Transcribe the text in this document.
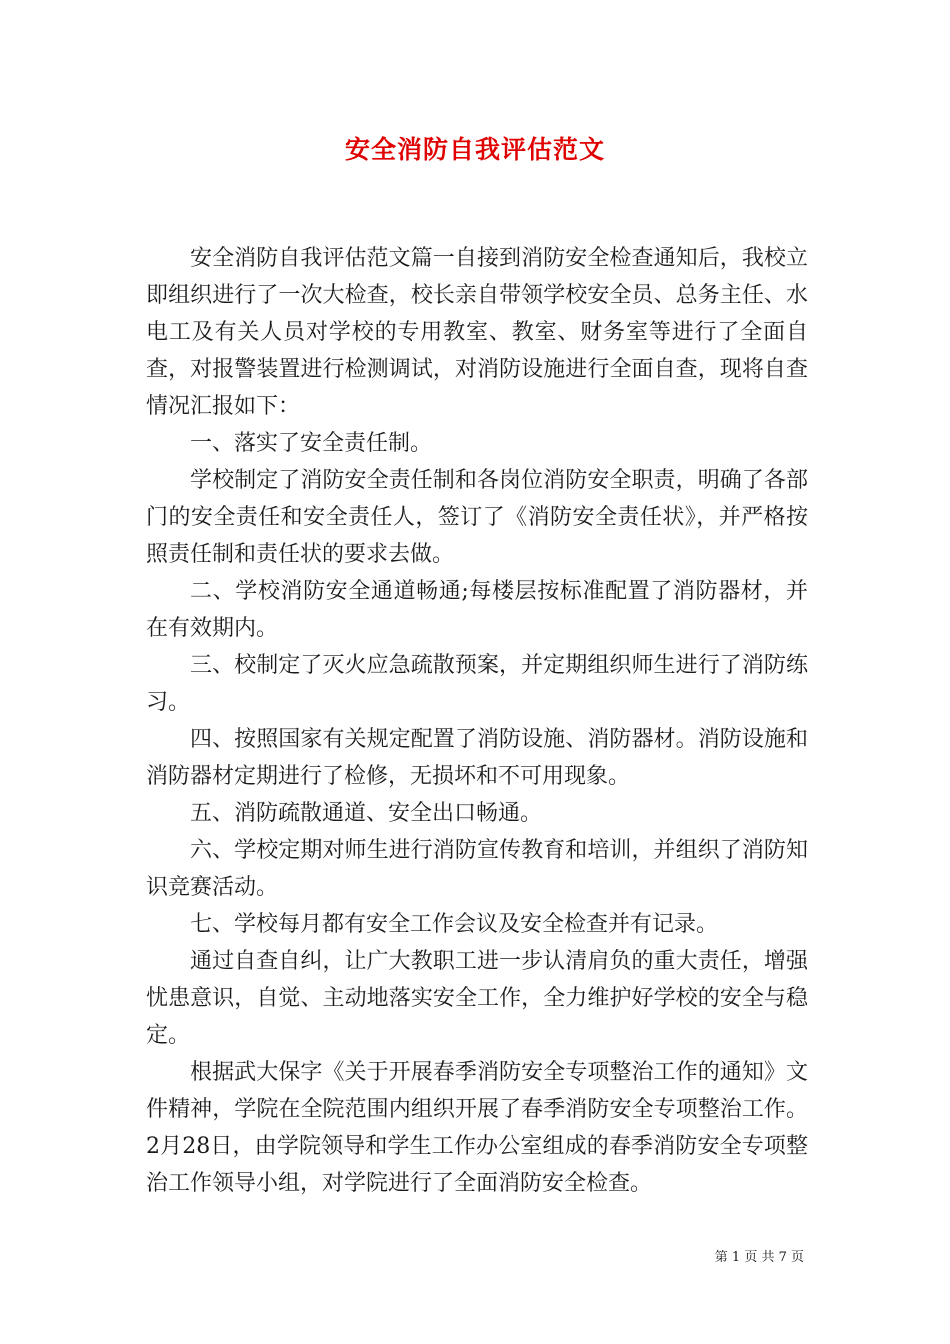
安全消防自我评估范文

安全消防自我评估范文篇一自接到消防安全检查通知后，我校立即组织进行了一次大检查，校长亲自带领学校安全员、总务主任、水电工及有关人员对学校的专用教室、教室、财务室等进行了全面自查，对报警装置进行检测调试，对消防设施进行全面自查，现将自查情况汇报如下：

一、落实了安全责任制。

学校制定了消防安全责任制和各岗位消防安全职责，明确了各部门的安全责任和安全责任人，签订了《消防安全责任状》，并严格按照责任制和责任状的要求去做。

二、学校消防安全通道畅通;每楼层按标准配置了消防器材，并在有效期内。

三、校制定了灭火应急疏散预案，并定期组织师生进行了消防练习。

四、按照国家有关规定配置了消防设施、消防器材。消防设施和消防器材定期进行了检修，无损坏和不可用现象。

五、消防疏散通道、安全出口畅通。

六、学校定期对师生进行消防宣传教育和培训，并组织了消防知识竞赛活动。

七、学校每月都有安全工作会议及安全检查并有记录。

通过自查自纠，让广大教职工进一步认清肩负的重大责任，增强忧患意识，自觉、主动地落实安全工作，全力维护好学校的安全与稳定。

根据武大保字《关于开展春季消防安全专项整治工作的通知》文件精神，学院在全院范围内组织开展了春季消防安全专项整治工作。2月28日，由学院领导和学生工作办公室组成的春季消防安全专项整治工作领导小组，对学院进行了全面消防安全检查。

第 1 页 共 7 页
